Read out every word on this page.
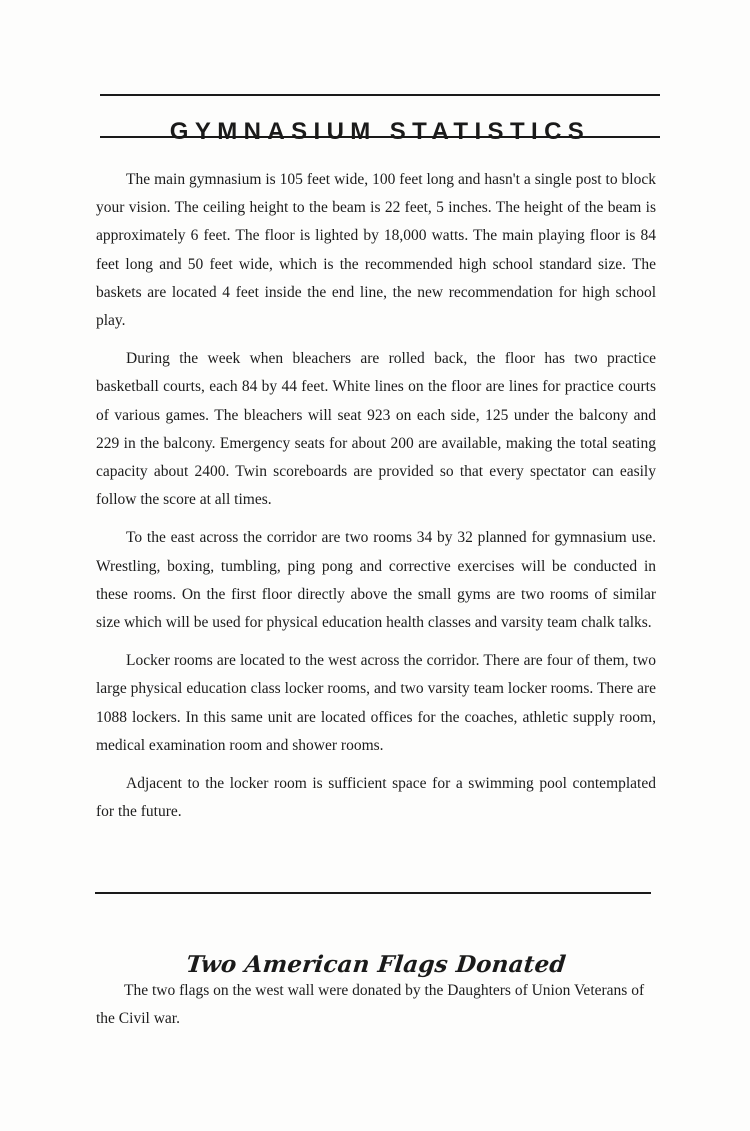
GYMNASIUM STATISTICS

The main gymnasium is 105 feet wide, 100 feet long and hasn't a single post to block your vision. The ceiling height to the beam is 22 feet, 5 inches. The height of the beam is approximately 6 feet. The floor is lighted by 18,000 watts. The main playing floor is 84 feet long and 50 feet wide, which is the recommended high school standard size. The baskets are located 4 feet inside the end line, the new recommendation for high school play.

During the week when bleachers are rolled back, the floor has two practice basketball courts, each 84 by 44 feet. White lines on the floor are lines for practice courts of various games. The bleachers will seat 923 on each side, 125 under the balcony and 229 in the balcony. Emergency seats for about 200 are available, making the total seating capacity about 2400. Twin scoreboards are provided so that every spectator can easily follow the score at all times.

To the east across the corridor are two rooms 34 by 32 planned for gymnasium use. Wrestling, boxing, tumbling, ping pong and corrective exercises will be conducted in these rooms. On the first floor directly above the small gyms are two rooms of similar size which will be used for physical education health classes and varsity team chalk talks.

Locker rooms are located to the west across the corridor. There are four of them, two large physical education class locker rooms, and two varsity team locker rooms. There are 1088 lockers. In this same unit are located offices for the coaches, athletic supply room, medical examination room and shower rooms.

Adjacent to the locker room is sufficient space for a swimming pool contemplated for the future.

Two American Flags Donated

The two flags on the west wall were donated by the Daughters of Union Veterans of the Civil war.
